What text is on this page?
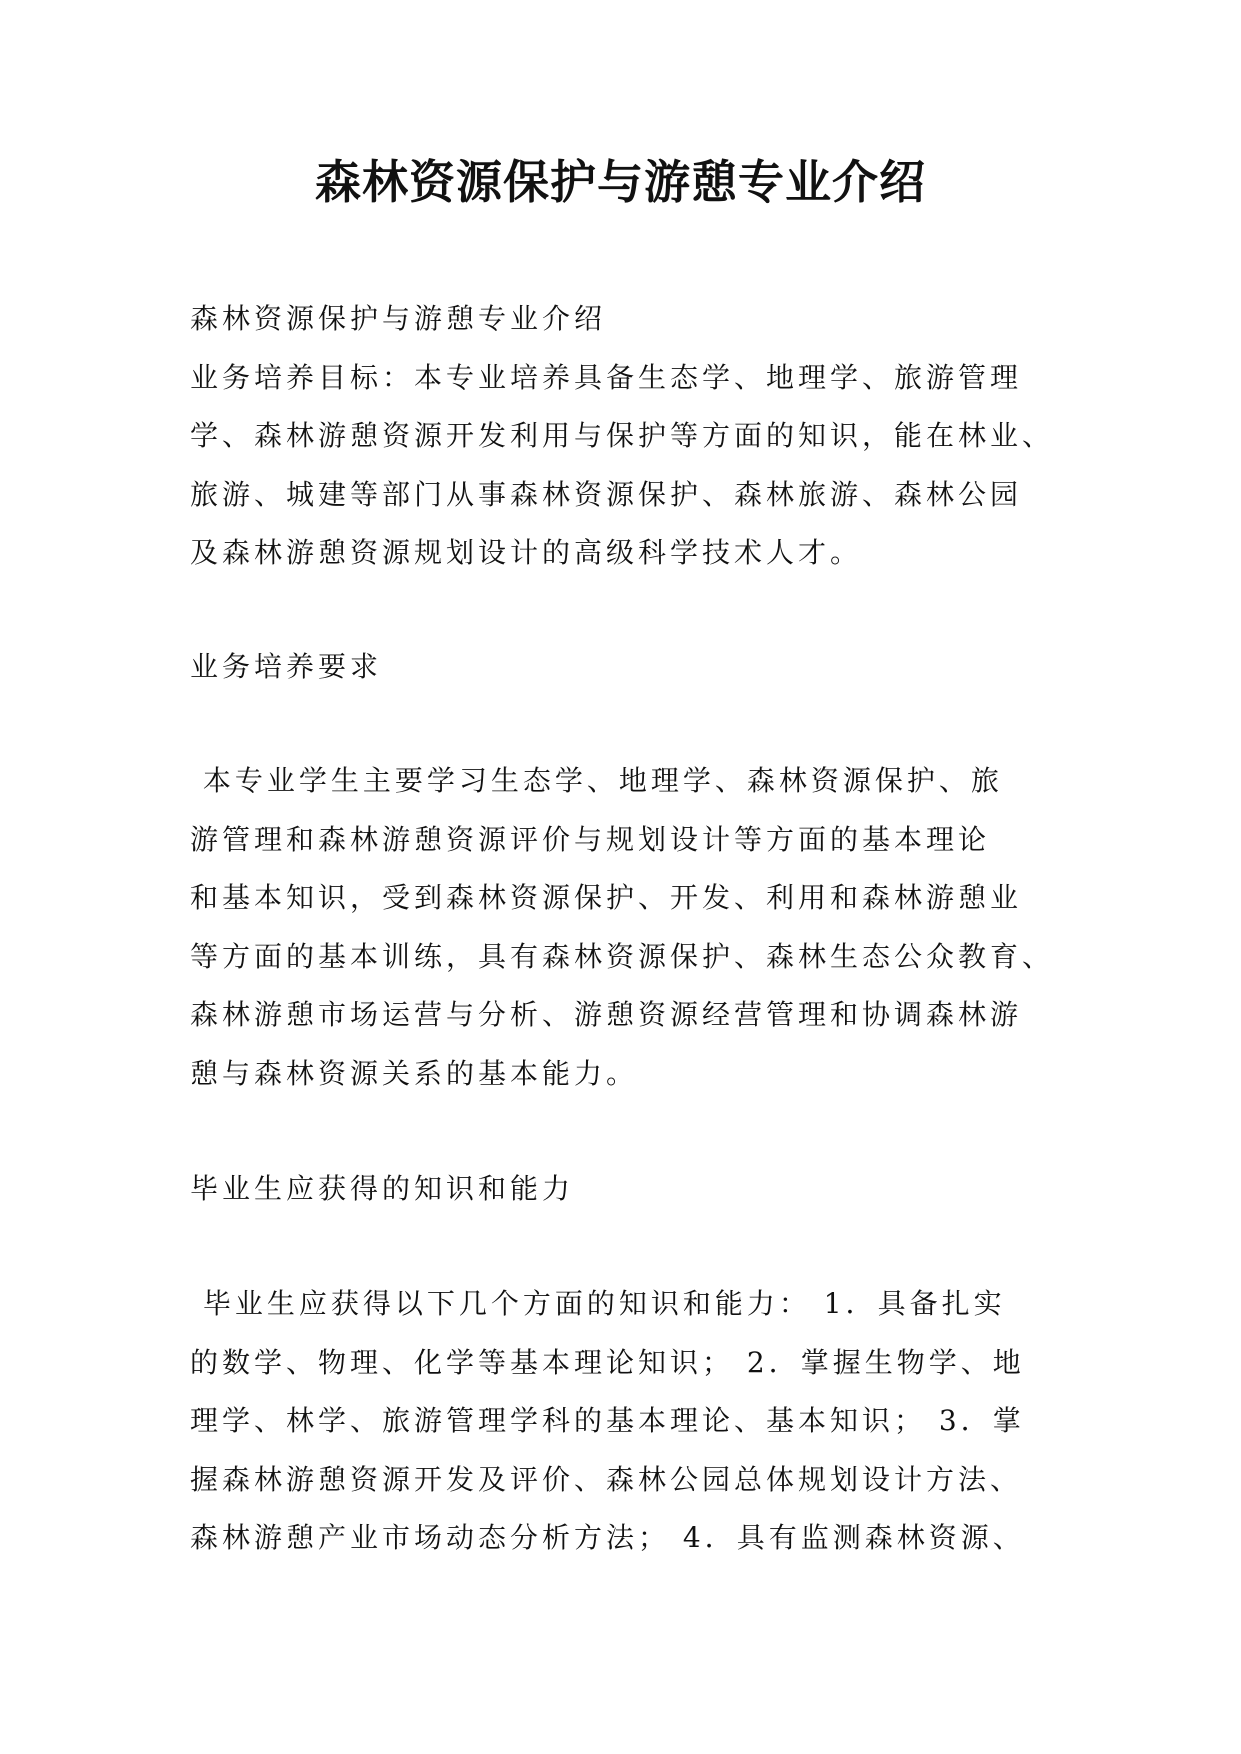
森林资源保护与游憩专业介绍
森林资源保护与游憩专业介绍
业务培养目标：本专业培养具备生态学、地理学、旅游管理
学、森林游憩资源开发利用与保护等方面的知识，能在林业、
旅游、城建等部门从事森林资源保护、森林旅游、森林公园
及森林游憩资源规划设计的高级科学技术人才。
业务培养要求
本专业学生主要学习生态学、地理学、森林资源保护、旅
游管理和森林游憩资源评价与规划设计等方面的基本理论
和基本知识，受到森林资源保护、开发、利用和森林游憩业
等方面的基本训练，具有森林资源保护、森林生态公众教育、
森林游憩市场运营与分析、游憩资源经营管理和协调森林游
憩与森林资源关系的基本能力。
毕业生应获得的知识和能力
毕业生应获得以下几个方面的知识和能力： 1．具备扎实
的数学、物理、化学等基本理论知识； 2．掌握生物学、地
理学、林学、旅游管理学科的基本理论、基本知识； 3．掌
握森林游憩资源开发及评价、森林公园总体规划设计方法、
森林游憩产业市场动态分析方法； 4．具有监测森林资源、
